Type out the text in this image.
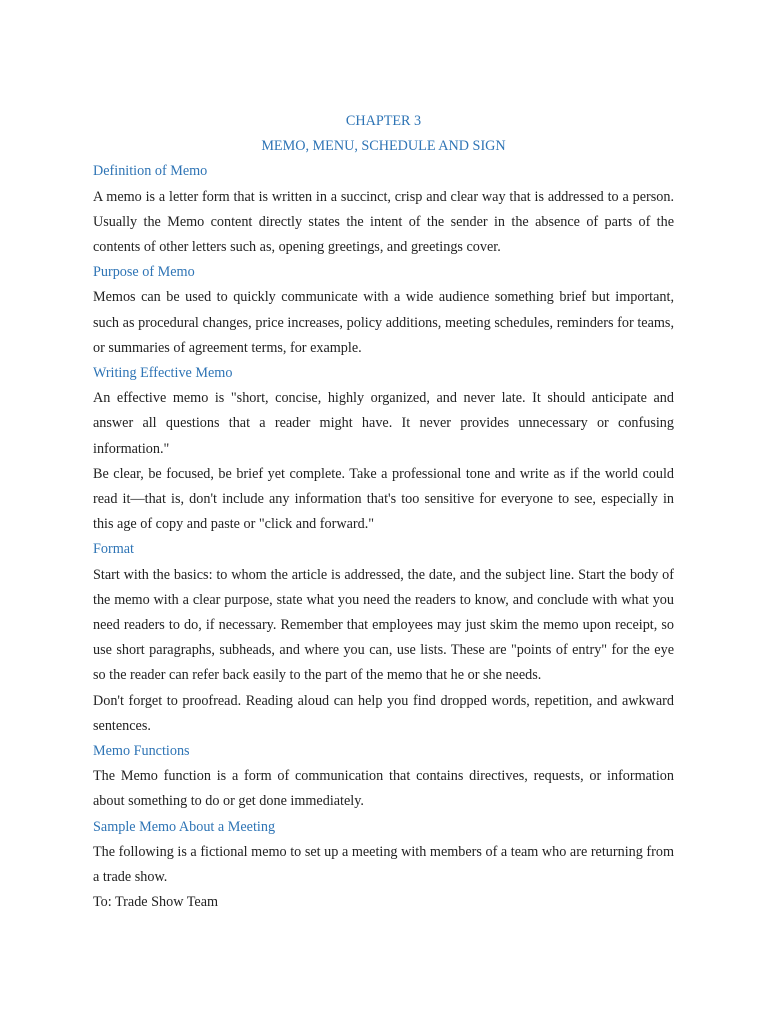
CHAPTER 3

MEMO, MENU, SCHEDULE AND SIGN

Definition of Memo

A memo is a letter form that is written in a succinct, crisp and clear way that is addressed to a person. Usually the Memo content directly states the intent of the sender in the absence of parts of the contents of other letters such as, opening greetings, and greetings cover.

Purpose of Memo

Memos can be used to quickly communicate with a wide audience something brief but important, such as procedural changes, price increases, policy additions, meeting schedules, reminders for teams, or summaries of agreement terms, for example.

Writing Effective Memo

An effective memo is "short, concise, highly organized, and never late. It should anticipate and answer all questions that a reader might have. It never provides unnecessary or confusing information."

Be clear, be focused, be brief yet complete. Take a professional tone and write as if the world could read it—that is, don't include any information that's too sensitive for everyone to see, especially in this age of copy and paste or "click and forward."

Format

Start with the basics: to whom the article is addressed, the date, and the subject line. Start the body of the memo with a clear purpose, state what you need the readers to know, and conclude with what you need readers to do, if necessary. Remember that employees may just skim the memo upon receipt, so use short paragraphs, subheads, and where you can, use lists. These are "points of entry" for the eye so the reader can refer back easily to the part of the memo that he or she needs.

Don't forget to proofread. Reading aloud can help you find dropped words, repetition, and awkward sentences.

Memo Functions

The Memo function is a form of communication that contains directives, requests, or information about something to do or get done immediately.

Sample Memo About a Meeting

The following is a fictional memo to set up a meeting with members of a team who are returning from a trade show.

To: Trade Show Team
